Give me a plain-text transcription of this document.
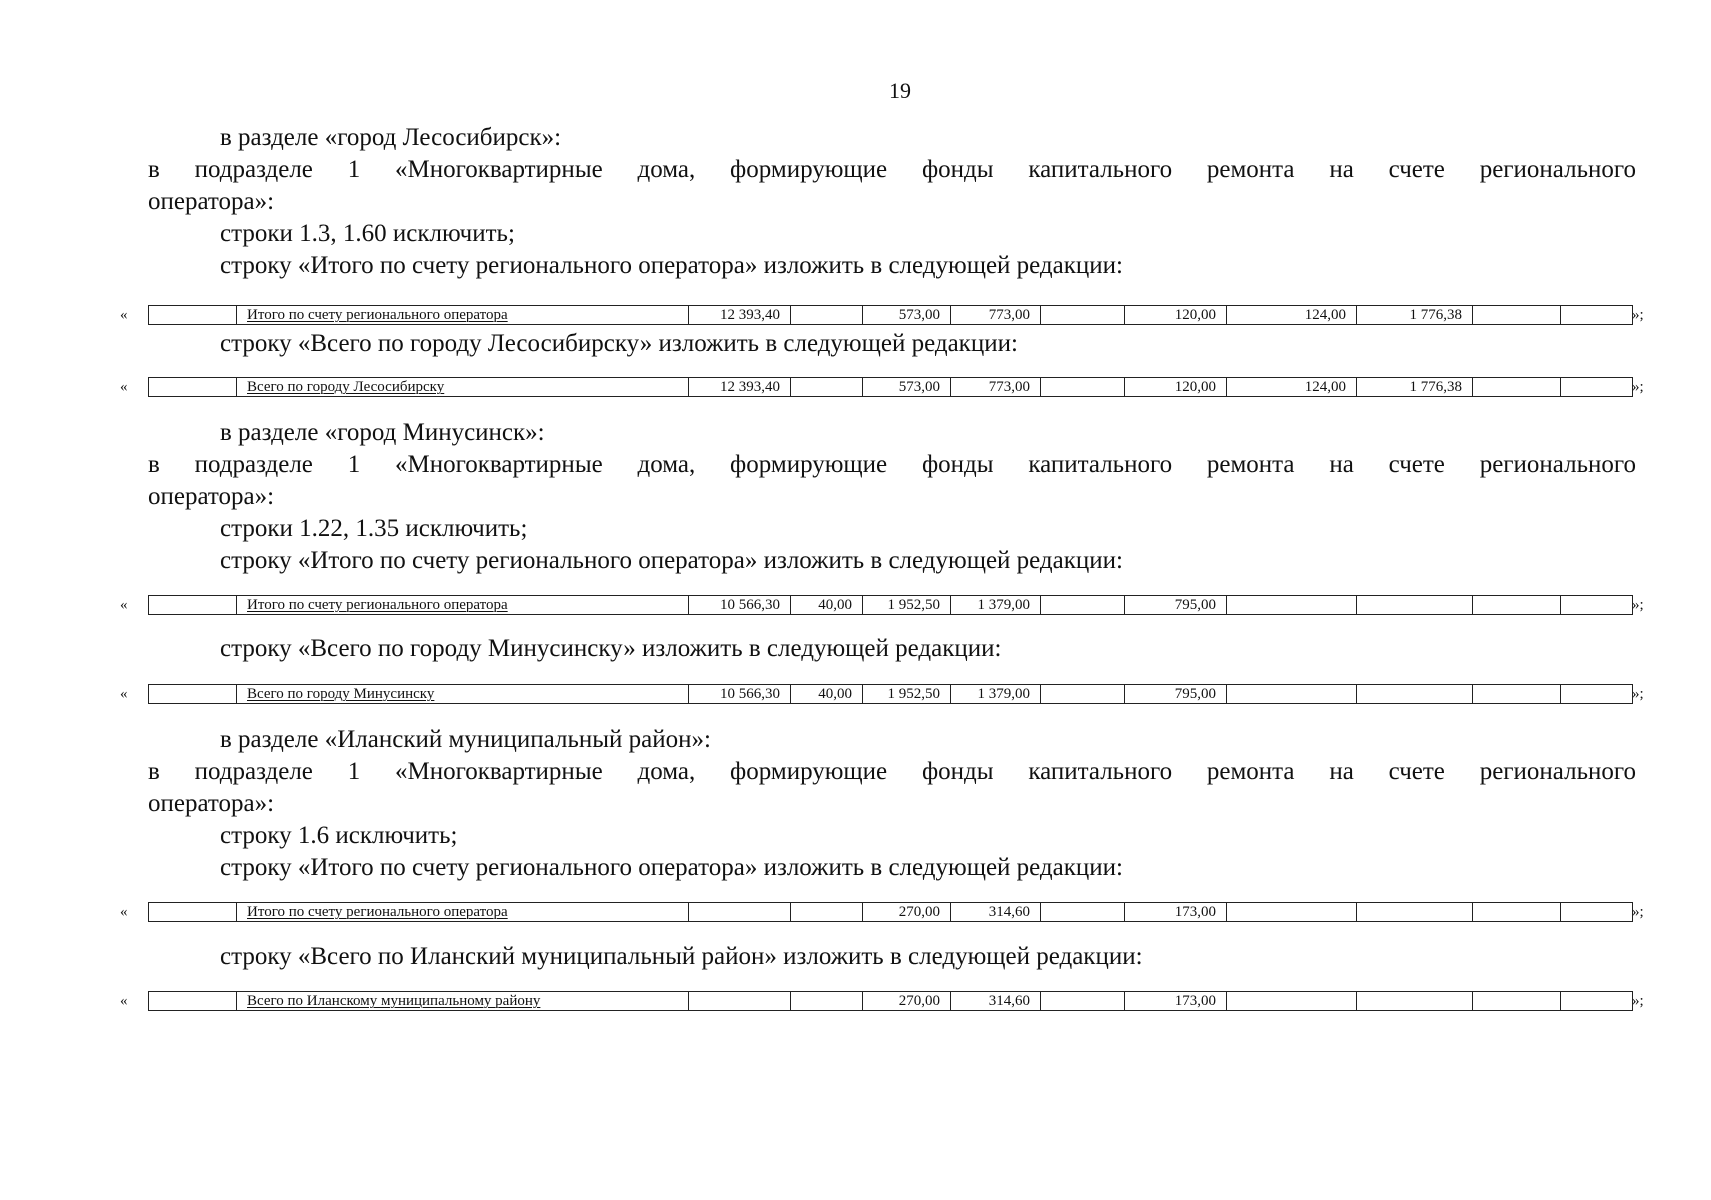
19
в разделе «город Лесосибирск»:
в подразделе 1 «Многоквартирные дома, формирующие фонды капитального ремонта на счете регионального
оператора»:
строки 1.3, 1.60 исключить;
строку «Итого по счету регионального оператора» изложить в следующей редакции:
«
		Итого по счету регионального оператора	12 393,40		573,00	773,00		120,00	124,00	1 776,38			»;
строку «Всего по городу Лесосибирску» изложить в следующей редакции:
«
		Всего по городу Лесосибирску	12 393,40		573,00	773,00		120,00	124,00	1 776,38			»;
в разделе «город Минусинск»:
в подразделе 1 «Многоквартирные дома, формирующие фонды капитального ремонта на счете регионального
оператора»:
строки 1.22, 1.35 исключить;
строку «Итого по счету регионального оператора» изложить в следующей редакции:
«
		Итого по счету регионального оператора	10 566,30	40,00	1 952,50	1 379,00		795,00					»;
строку «Всего по городу Минусинску» изложить в следующей редакции:
«
		Всего по городу Минусинску	10 566,30	40,00	1 952,50	1 379,00		795,00					»;
в разделе «Иланский муниципальный район»:
в подразделе 1 «Многоквартирные дома, формирующие фонды капитального ремонта на счете регионального
оператора»:
строку 1.6 исключить;
строку «Итого по счету регионального оператора» изложить в следующей редакции:
«
		Итого по счету регионального оператора			270,00	314,60		173,00					»;
строку «Всего по Иланский муниципальный район» изложить в следующей редакции:
«
		Всего по Иланскому муниципальному району			270,00	314,60		173,00					»;
